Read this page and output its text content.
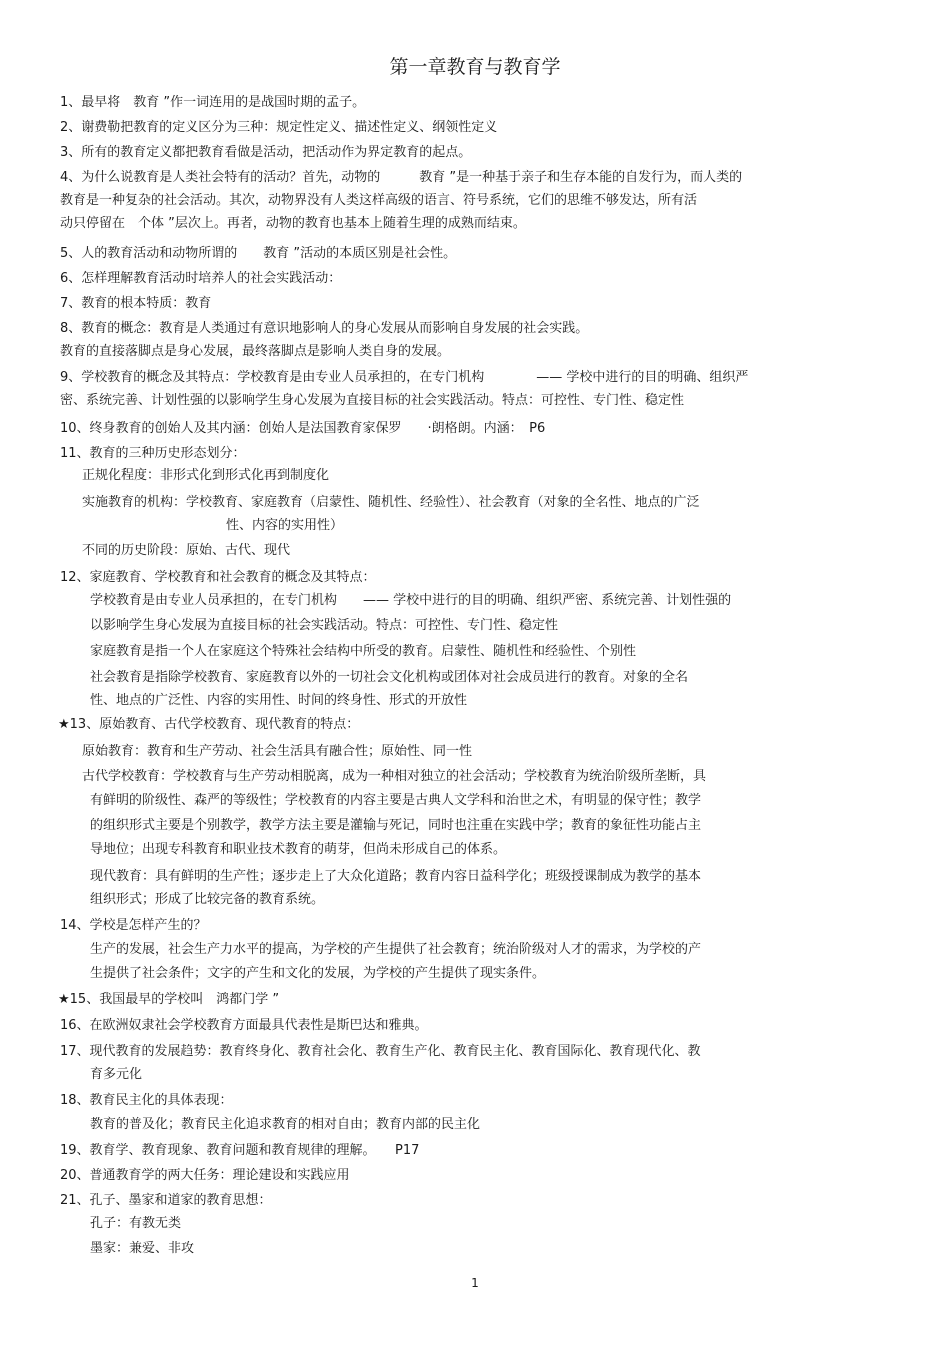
第一章教育与教育学
1、最早将　教育 ”作一词连用的是战国时期的孟子。
2、谢费勒把教育的定义区分为三种：规定性定义、描述性定义、纲领性定义
3、所有的教育定义都把教育看做是活动，把活动作为界定教育的起点。
4、为什么说教育是人类社会特有的活动？首先，动物的　　　教育 ”是一种基于亲子和生存本能的自发行为，而人类的
教育是一种复杂的社会活动。其次，动物界没有人类这样高级的语言、符号系统，它们的思维不够发达，所有活
动只停留在　个体 ”层次上。再者，动物的教育也基本上随着生理的成熟而结束。
5、人的教育活动和动物所谓的　　教育 ”活动的本质区别是社会性。
6、怎样理解教育活动时培养人的社会实践活动：
7、教育的根本特质：教育
8、教育的概念：教育是人类通过有意识地影响人的身心发展从而影响自身发展的社会实践。
教育的直接落脚点是身心发展，最终落脚点是影响人类自身的发展。
9、学校教育的概念及其特点：学校教育是由专业人员承担的，在专门机构　　　　—— 学校中进行的目的明确、组织严
密、系统完善、计划性强的以影响学生身心发展为直接目标的社会实践活动。特点：可控性、专门性、稳定性
10、终身教育的创始人及其内涵：创始人是法国教育家保罗　　·朗格朗。内涵：　P6
11、教育的三种历史形态划分：
正规化程度：非形式化到形式化再到制度化
实施教育的机构：学校教育、家庭教育（启蒙性、随机性、经验性）、社会教育（对象的全名性、地点的广泛
性、内容的实用性）
不同的历史阶段：原始、古代、现代
12、家庭教育、学校教育和社会教育的概念及其特点：
学校教育是由专业人员承担的，在专门机构　　—— 学校中进行的目的明确、组织严密、系统完善、计划性强的
以影响学生身心发展为直接目标的社会实践活动。特点：可控性、专门性、稳定性
家庭教育是指一个人在家庭这个特殊社会结构中所受的教育。启蒙性、随机性和经验性、个别性
社会教育是指除学校教育、家庭教育以外的一切社会文化机构或团体对社会成员进行的教育。对象的全名
性、地点的广泛性、内容的实用性、时间的终身性、形式的开放性
★13、原始教育、古代学校教育、现代教育的特点：
原始教育：教育和生产劳动、社会生活具有融合性；原始性、同一性
古代学校教育：学校教育与生产劳动相脱离，成为一种相对独立的社会活动；学校教育为统治阶级所垄断，具
有鲜明的阶级性、森严的等级性；学校教育的内容主要是古典人文学科和治世之术，有明显的保守性；教学
的组织形式主要是个别教学，教学方法主要是灌输与死记，同时也注重在实践中学；教育的象征性功能占主
导地位；出现专科教育和职业技术教育的萌芽，但尚未形成自己的体系。
现代教育：具有鲜明的生产性；逐步走上了大众化道路；教育内容日益科学化；班级授课制成为教学的基本
组织形式；形成了比较完备的教育系统。
14、学校是怎样产生的？
生产的发展，社会生产力水平的提高，为学校的产生提供了社会教育；统治阶级对人才的需求，为学校的产
生提供了社会条件；文字的产生和文化的发展，为学校的产生提供了现实条件。
★15、我国最早的学校叫　鸿都门学 ”
16、在欧洲奴隶社会学校教育方面最具代表性是斯巴达和雅典。
17、现代教育的发展趋势：教育终身化、教育社会化、教育生产化、教育民主化、教育国际化、教育现代化、教
育多元化
18、教育民主化的具体表现：
教育的普及化；教育民主化追求教育的相对自由；教育内部的民主化
19、教育学、教育现象、教育问题和教育规律的理解。　　P17
20、普通教育学的两大任务：理论建设和实践应用
21、孔子、墨家和道家的教育思想：
孔子：有教无类
墨家：兼爱、非攻
1
